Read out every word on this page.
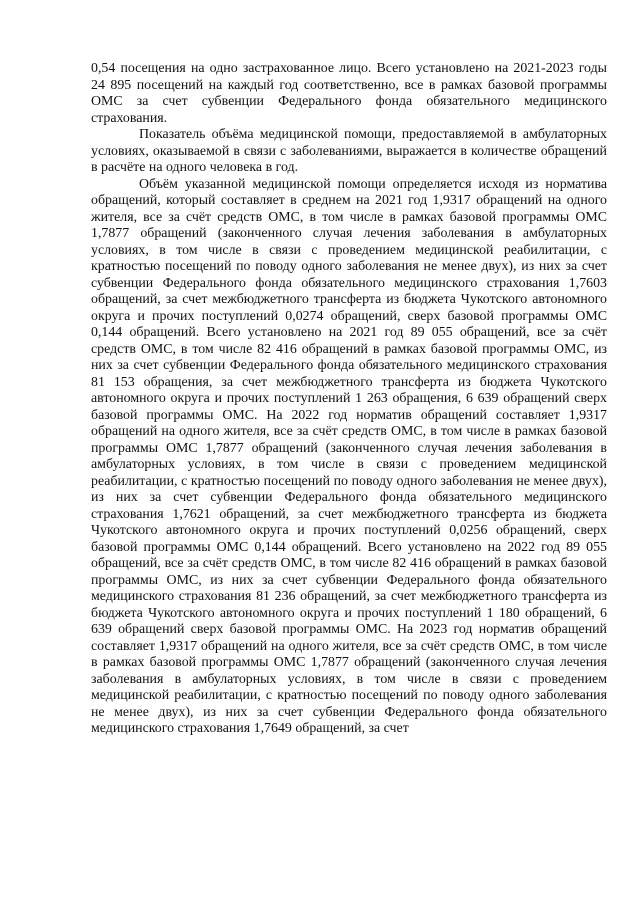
0,54 посещения на одно застрахованное лицо. Всего установлено на 2021-2023 годы 24 895 посещений на каждый год соответственно, все в рамках базовой программы ОМС за счет субвенции Федерального фонда обязательного медицинского страхования.

Показатель объёма медицинской помощи, предоставляемой в амбулаторных условиях, оказываемой в связи с заболеваниями, выражается в количестве обращений в расчёте на одного человека в год.

Объём указанной медицинской помощи определяется исходя из норматива обращений, который составляет в среднем на 2021 год 1,9317 обращений на одного жителя, все за счёт средств ОМС, в том числе в рамках базовой программы ОМС 1,7877 обращений (законченного случая лечения заболевания в амбулаторных условиях, в том числе в связи с проведением медицинской реабилитации, с кратностью посещений по поводу одного заболевания не менее двух), из них за счет субвенции Федерального фонда обязательного медицинского страхования 1,7603 обращений, за счет межбюджетного трансферта из бюджета Чукотского автономного округа и прочих поступлений 0,0274 обращений, сверх базовой программы ОМС 0,144 обращений. Всего установлено на 2021 год 89 055 обращений, все за счёт средств ОМС, в том числе 82 416 обращений в рамках базовой программы ОМС, из них за счет субвенции Федерального фонда обязательного медицинского страхования 81 153 обращения, за счет межбюджетного трансферта из бюджета Чукотского автономного округа и прочих поступлений 1 263 обращения, 6 639 обращений сверх базовой программы ОМС. На 2022 год норматив обращений составляет 1,9317 обращений на одного жителя, все за счёт средств ОМС, в том числе в рамках базовой программы ОМС 1,7877 обращений (законченного случая лечения заболевания в амбулаторных условиях, в том числе в связи с проведением медицинской реабилитации, с кратностью посещений по поводу одного заболевания не менее двух), из них за счет субвенции Федерального фонда обязательного медицинского страхования 1,7621 обращений, за счет межбюджетного трансферта из бюджета Чукотского автономного округа и прочих поступлений 0,0256 обращений, сверх базовой программы ОМС 0,144 обращений. Всего установлено на 2022 год 89 055 обращений, все за счёт средств ОМС, в том числе 82 416 обращений в рамках базовой программы ОМС, из них за счет субвенции Федерального фонда обязательного медицинского страхования 81 236 обращений, за счет межбюджетного трансферта из бюджета Чукотского автономного округа и прочих поступлений 1 180 обращений, 6 639 обращений сверх базовой программы ОМС. На 2023 год норматив обращений составляет 1,9317 обращений на одного жителя, все за счёт средств ОМС, в том числе в рамках базовой программы ОМС 1,7877 обращений (законченного случая лечения заболевания в амбулаторных условиях, в том числе в связи с проведением медицинской реабилитации, с кратностью посещений по поводу одного заболевания не менее двух), из них за счет субвенции Федерального фонда обязательного медицинского страхования 1,7649 обращений, за счет
